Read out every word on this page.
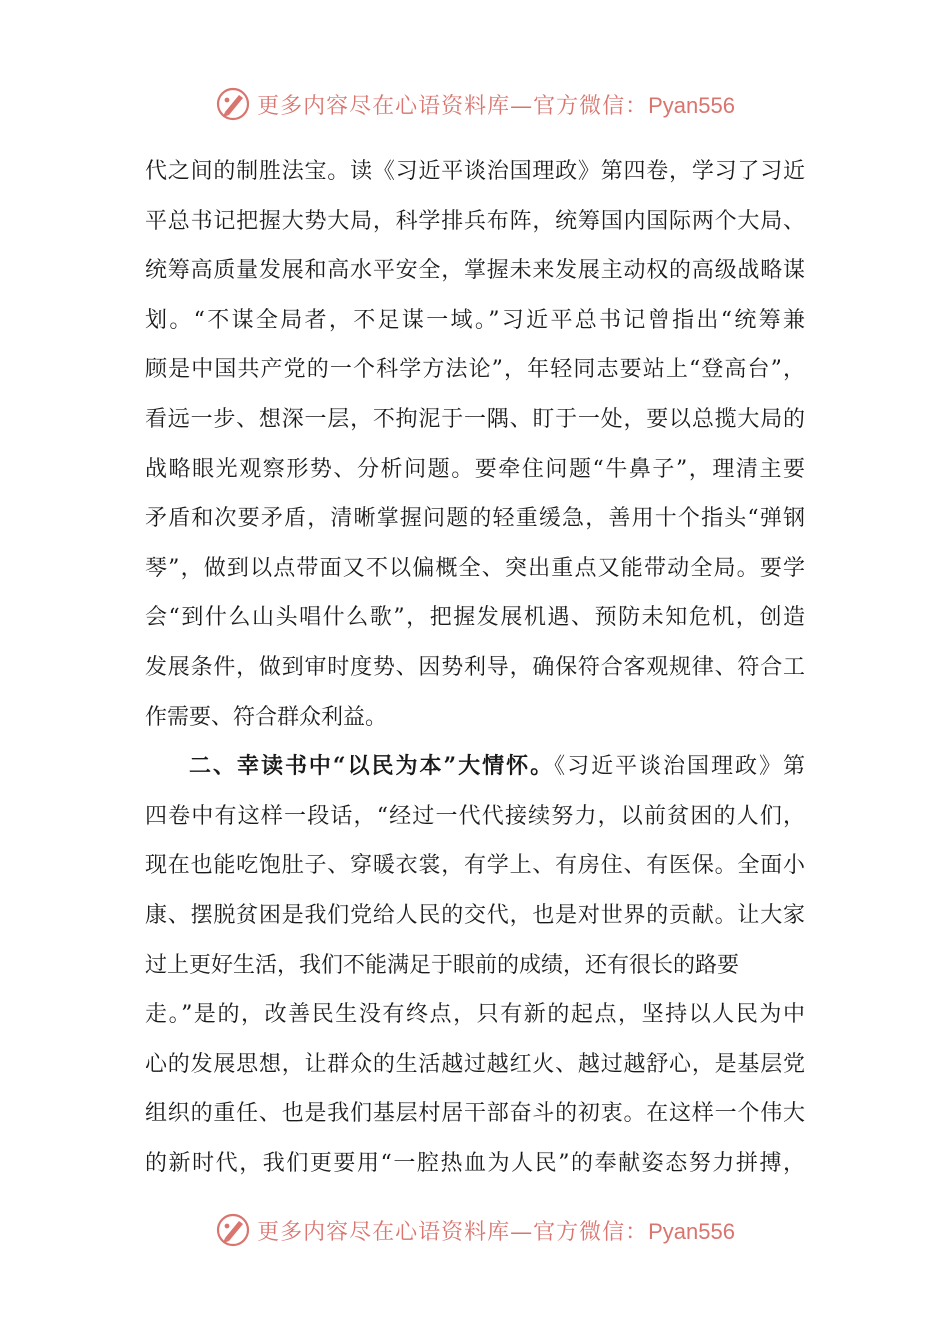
更多内容尽在心语资料库—官方微信：Pyan556
代之间的制胜法宝。读《习近平谈治国理政》第四卷，学习了习近
平总书记把握大势大局，科学排兵布阵，统筹国内国际两个大局、
统筹高质量发展和高水平安全，掌握未来发展主动权的高级战略谋
划。“不谋全局者，不足谋一域。”习近平总书记曾指出“统筹兼
顾是中国共产党的一个科学方法论”，年轻同志要站上“登高台”，
看远一步、想深一层，不拘泥于一隅、盯于一处，要以总揽大局的
战略眼光观察形势、分析问题。要牵住问题“牛鼻子”，理清主要
矛盾和次要矛盾，清晰掌握问题的轻重缓急，善用十个指头“弹钢
琴”，做到以点带面又不以偏概全、突出重点又能带动全局。要学
会“到什么山头唱什么歌”，把握发展机遇、预防未知危机，创造
发展条件，做到审时度势、因势利导，确保符合客观规律、符合工
作需要、符合群众利益。
二、幸读书中“以民为本”大情怀。《习近平谈治国理政》第
四卷中有这样一段话，“经过一代代接续努力，以前贫困的人们，
现在也能吃饱肚子、穿暖衣裳，有学上、有房住、有医保。全面小
康、摆脱贫困是我们党给人民的交代，也是对世界的贡献。让大家
过上更好生活，我们不能满足于眼前的成绩，还有很长的路要
走。”是的，改善民生没有终点，只有新的起点，坚持以人民为中
心的发展思想，让群众的生活越过越红火、越过越舒心，是基层党
组织的重任、也是我们基层村居干部奋斗的初衷。在这样一个伟大
的新时代，我们更要用“一腔热血为人民”的奉献姿态努力拼搏，
更多内容尽在心语资料库—官方微信：Pyan556
